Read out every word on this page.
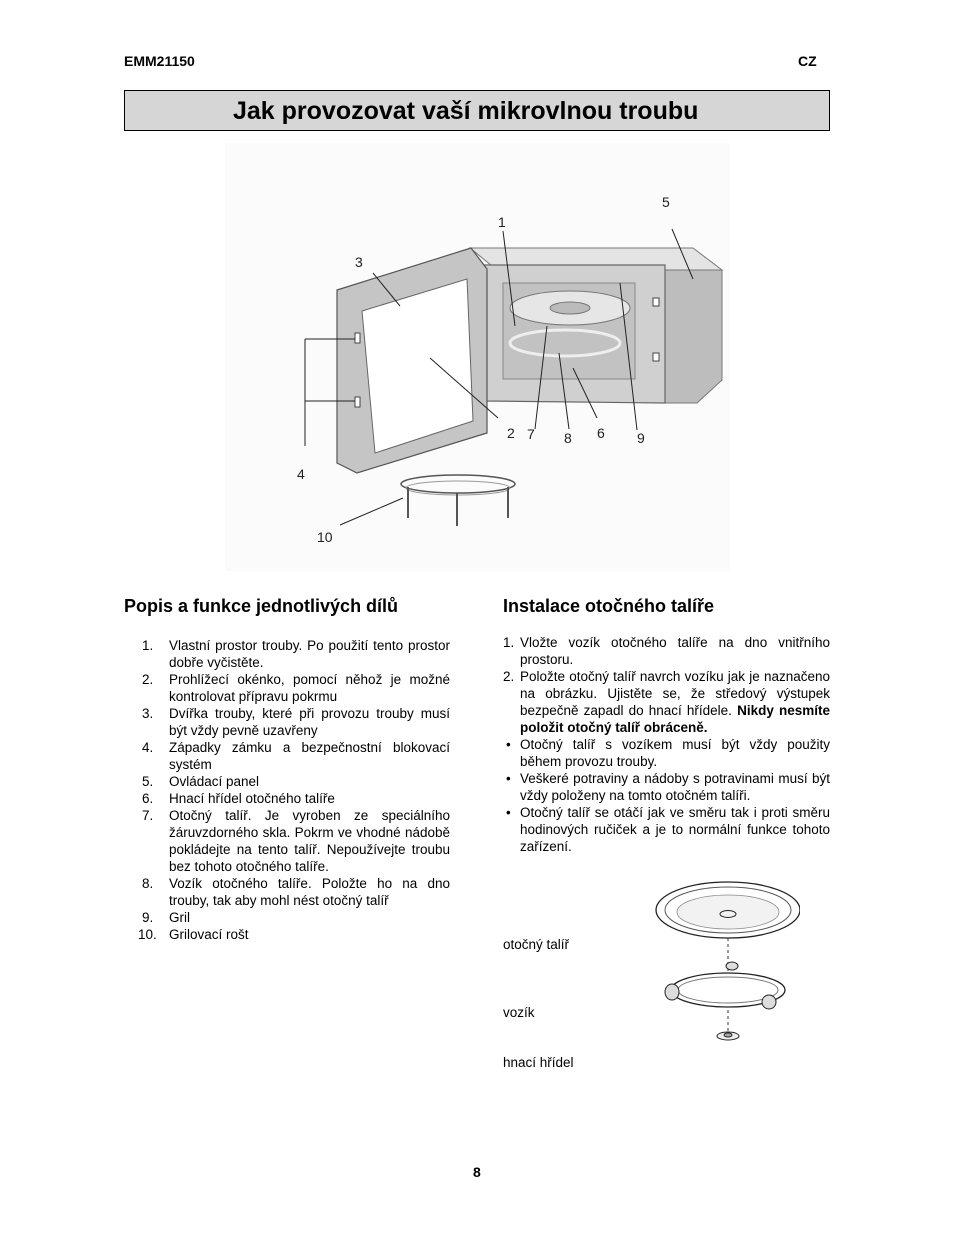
EMM21150	CZ
Jak provozovat vaší mikrovlnou troubu
1
2
3
4
5
6
7 8	9
10
Popis a funkce jednotlivých dílů
1. Vlastní prostor trouby. Po použití tento prostor dobře vyčistěte.
2. Prohlížecí okénko, pomocí něhož je možné kontrolovat přípravu pokrmu
3. Dvířka trouby, které při provozu trouby musí být vždy pevně uzavřeny
4. Západky zámku a bezpečnostní blokovací systém
5. Ovládací panel
6. Hnací hřídel otočného talíře
7. Otočný talíř. Je vyroben ze speciálního žáruvzdorného skla. Pokrm ve vhodné nádobě pokládejte na tento talíř. Nepoužívejte troubu bez tohoto otočného talíře.
8. Vozík otočného talíře. Položte ho na dno trouby, tak aby mohl nést otočný talíř
9. Gril
10. Grilovací rošt
Instalace otočného talíře
1. Vložte vozík otočného talíře na dno vnitřního prostoru.
2. Položte otočný talíř navrch vozíku jak je naznačeno na obrázku. Ujistěte se, že středový výstupek bezpečně zapadl do hnací hřídele. Nikdy nesmíte položit otočný talíř obráceně.
• Otočný talíř s vozíkem musí být vždy použity během provozu trouby.
• Veškeré potraviny a nádoby s potravinami musí být vždy položeny na tomto otočném talíři.
• Otočný talíř se otáčí jak ve směru tak i proti směru hodinových ručiček a je to normální funkce tohoto zařízení.
otočný talíř
vozík
hnací hřídel
8
